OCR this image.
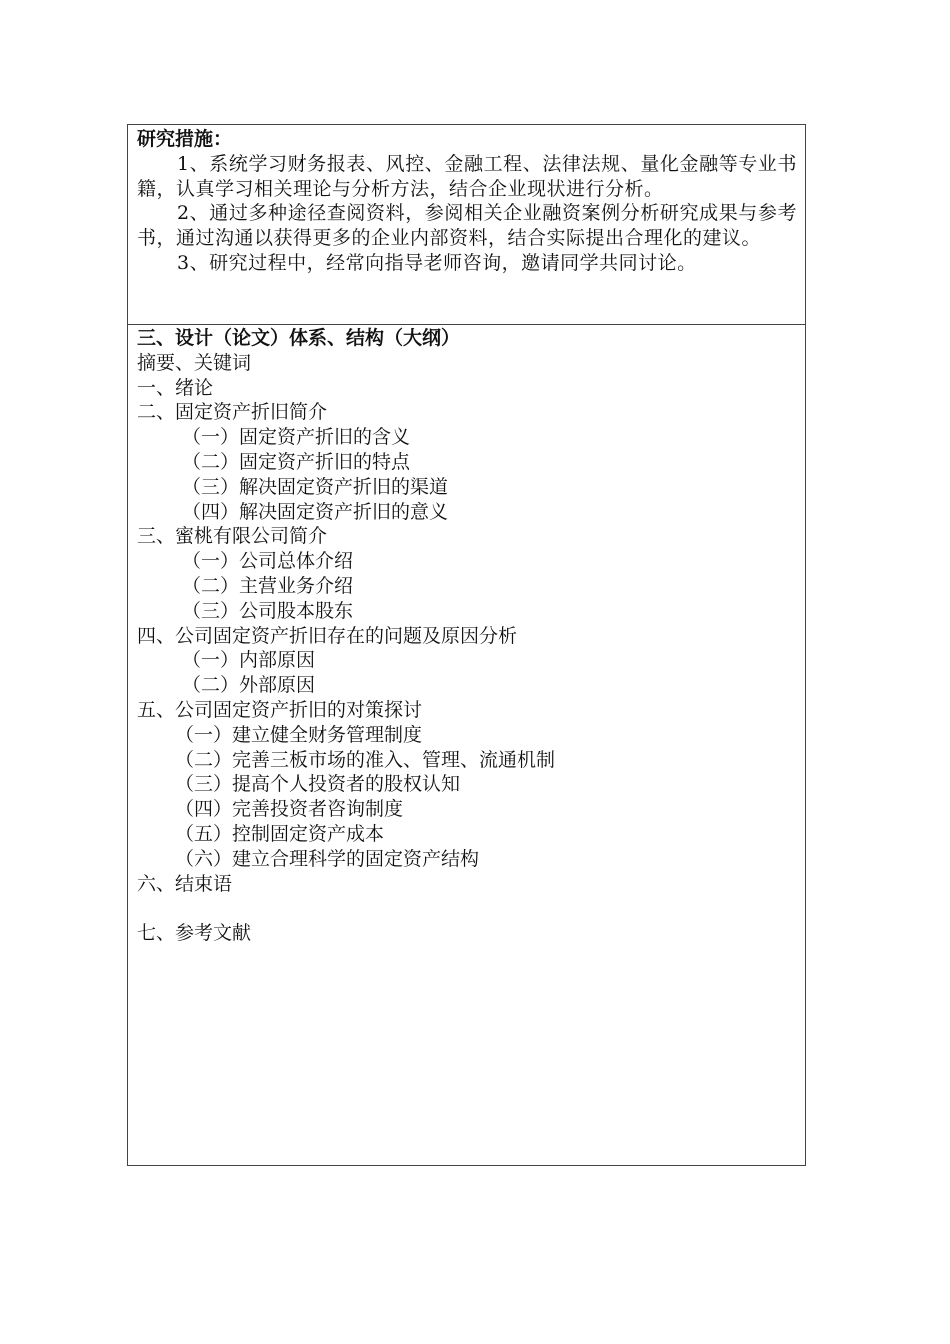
研究措施：
1、系统学习财务报表、风控、金融工程、法律法规、量化金融等专业书籍，认真学习相关理论与分析方法，结合企业现状进行分析。
2、通过多种途径查阅资料，参阅相关企业融资案例分析研究成果与参考书，通过沟通以获得更多的企业内部资料，结合实际提出合理化的建议。
3、研究过程中，经常向指导老师咨询，邀请同学共同讨论。
三、设计（论文）体系、结构（大纲）
摘要、关键词
一、绪论
二、固定资产折旧简介
（一）固定资产折旧的含义
（二）固定资产折旧的特点
（三）解决固定资产折旧的渠道
（四）解决固定资产折旧的意义
三、蜜桃有限公司简介
（一）公司总体介绍
（二）主营业务介绍
（三）公司股本股东
四、公司固定资产折旧存在的问题及原因分析
（一）内部原因
（二）外部原因
五、公司固定资产折旧的对策探讨
（一）建立健全财务管理制度
（二）完善三板市场的准入、管理、流通机制
（三）提高个人投资者的股权认知
（四）完善投资者咨询制度
（五）控制固定资产成本
（六）建立合理科学的固定资产结构
六、结束语
七、参考文献
